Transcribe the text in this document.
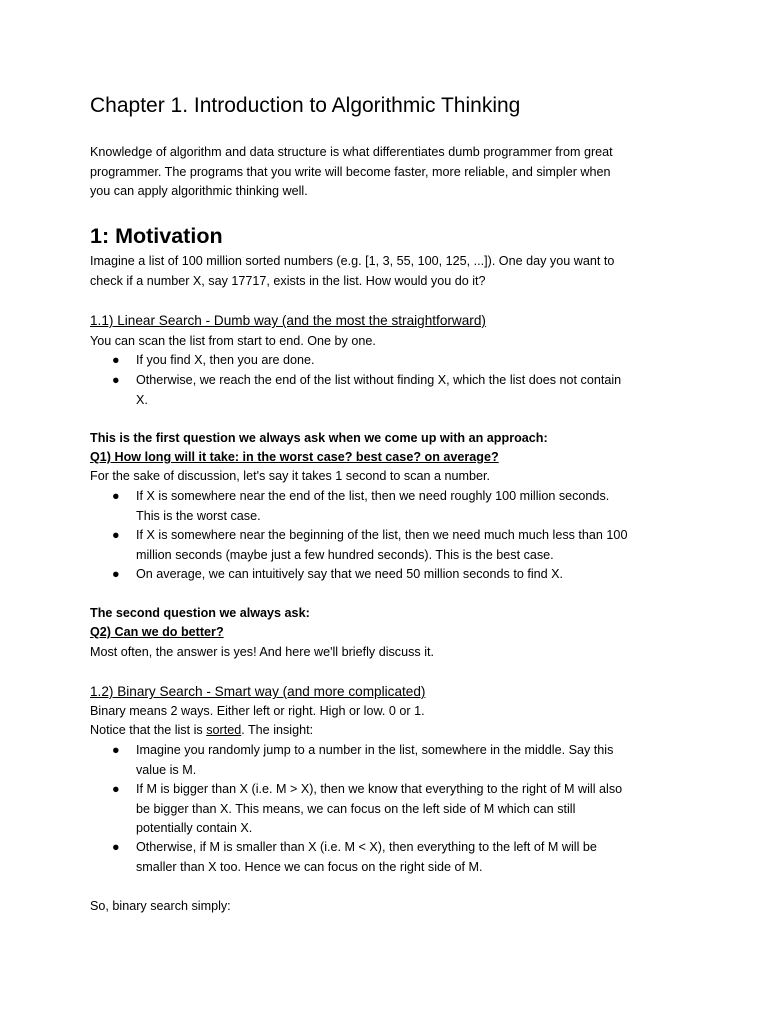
Chapter 1. Introduction to Algorithmic Thinking
Knowledge of algorithm and data structure is what differentiates dumb programmer from great
programmer. The programs that you write will become faster, more reliable, and simpler when
you can apply algorithmic thinking well.
1: Motivation
Imagine a list of 100 million sorted numbers (e.g. [1, 3, 55, 100, 125, ...]). One day you want to
check if a number X, say 17717, exists in the list. How would you do it?
1.1) Linear Search - Dumb way (and the most the straightforward)
You can scan the list from start to end. One by one.
●	If you find X, then you are done.
●	Otherwise, we reach the end of the list without finding X, which the list does not contain
X.
This is the first question we always ask when we come up with an approach:
Q1) How long will it take: in the worst case? best case? on average?
For the sake of discussion, let's say it takes 1 second to scan a number.
●	If X is somewhere near the end of the list, then we need roughly 100 million seconds.
This is the worst case.
●	If X is somewhere near the beginning of the list, then we need much much less than 100
million seconds (maybe just a few hundred seconds). This is the best case.
●	On average, we can intuitively say that we need 50 million seconds to find X.
The second question we always ask:
Q2) Can we do better?
Most often, the answer is yes! And here we'll briefly discuss it.
1.2) Binary Search - Smart way (and more complicated)
Binary means 2 ways. Either left or right. High or low. 0 or 1.
Notice that the list is sorted. The insight:
●	Imagine you randomly jump to a number in the list, somewhere in the middle. Say this
value is M.
●	If M is bigger than X (i.e. M > X), then we know that everything to the right of M will also
be bigger than X. This means, we can focus on the left side of M which can still
potentially contain X.
●	Otherwise, if M is smaller than X (i.e. M < X), then everything to the left of M will be
smaller than X too. Hence we can focus on the right side of M.
So, binary search simply:
